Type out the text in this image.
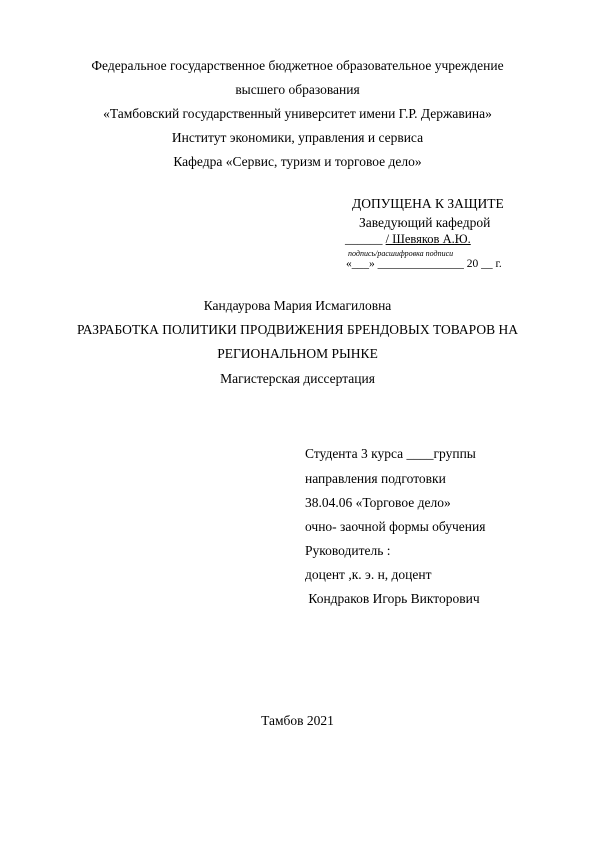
Федеральное государственное бюджетное образовательное учреждение
высшего образования
«Тамбовский государственный университет имени Г.Р. Державина»
Институт экономики, управления и сервиса
Кафедра «Сервис, туризм и торговое дело»
ДОПУЩЕНА К ЗАЩИТЕ
Заведующий кафедрой
______ / Шевяков А.Ю.
подпись/расшифровка подписи
«___» _______________ 20 __ г.
Кандаурова Мария Исмагиловна
РАЗРАБОТКА ПОЛИТИКИ ПРОДВИЖЕНИЯ БРЕНДОВЫХ ТОВАРОВ НА
РЕГИОНАЛЬНОМ РЫНКЕ
Магистерская диссертация
Студента 3 курса ____группы
направления подготовки
38.04.06 «Торговое дело»
очно- заочной формы обучения
Руководитель :
доцент ,к. э. н, доцент
Кондраков Игорь Викторович
Тамбов 2021
